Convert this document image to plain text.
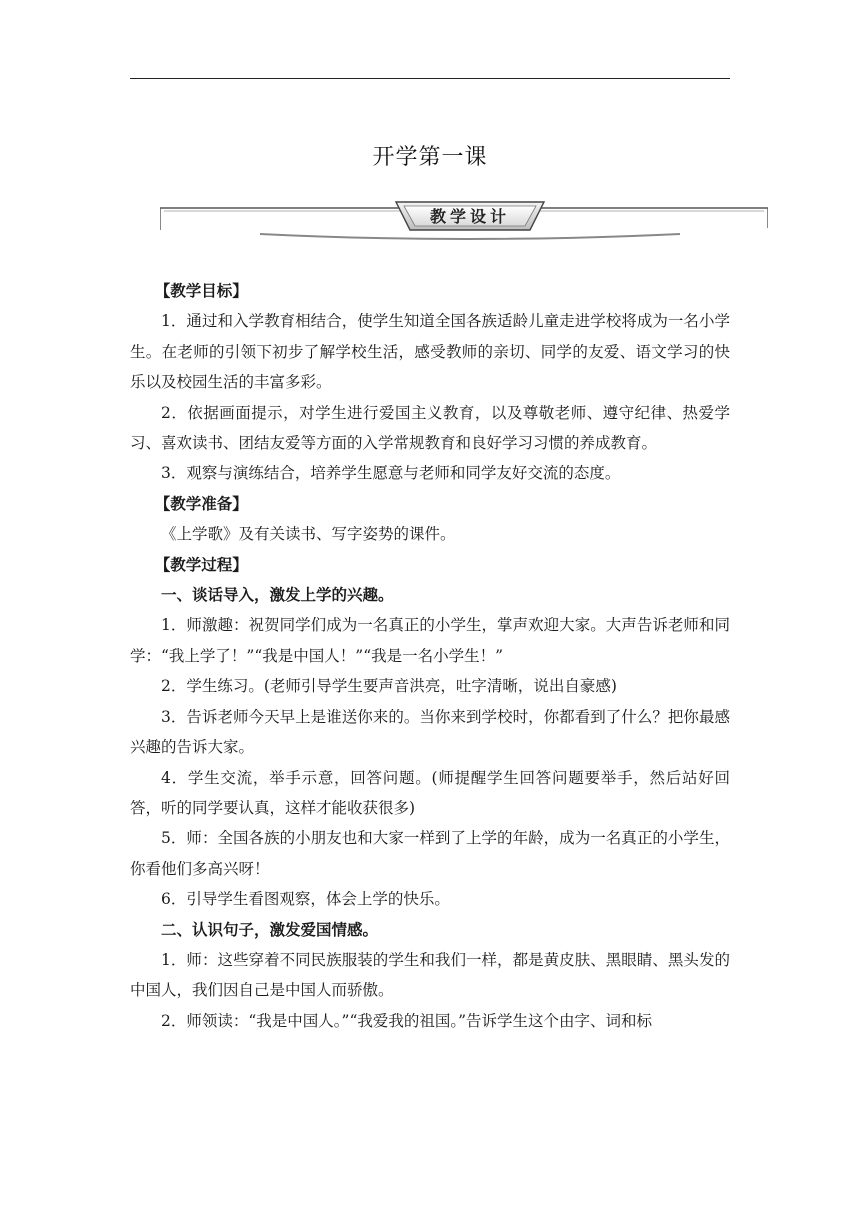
开学第一课
教学设计

【教学目标】

1．通过和入学教育相结合，使学生知道全国各族适龄儿童走进学校将成为一名小学生。在老师的引领下初步了解学校生活，感受教师的亲切、同学的友爱、语文学习的快乐以及校园生活的丰富多彩。

2．依据画面提示，对学生进行爱国主义教育，以及尊敬老师、遵守纪律、热爱学习、喜欢读书、团结友爱等方面的入学常规教育和良好学习习惯的养成教育。

3．观察与演练结合，培养学生愿意与老师和同学友好交流的态度。

【教学准备】

《上学歌》及有关读书、写字姿势的课件。

【教学过程】

一、谈话导入，激发上学的兴趣。

1．师激趣：祝贺同学们成为一名真正的小学生，掌声欢迎大家。大声告诉老师和同学：“我上学了！”“我是中国人！”“我是一名小学生！”

2．学生练习。(老师引导学生要声音洪亮，吐字清晰，说出自豪感)

3．告诉老师今天早上是谁送你来的。当你来到学校时，你都看到了什么？把你最感兴趣的告诉大家。

4．学生交流，举手示意，回答问题。(师提醒学生回答问题要举手，然后站好回答，听的同学要认真，这样才能收获很多)

5．师：全国各族的小朋友也和大家一样到了上学的年龄，成为一名真正的小学生，你看他们多高兴呀！

6．引导学生看图观察，体会上学的快乐。

二、认识句子，激发爱国情感。

1．师：这些穿着不同民族服装的学生和我们一样，都是黄皮肤、黑眼睛、黑头发的中国人，我们因自己是中国人而骄傲。

2．师领读：“我是中国人。”“我爱我的祖国。”告诉学生这个由字、词和标
